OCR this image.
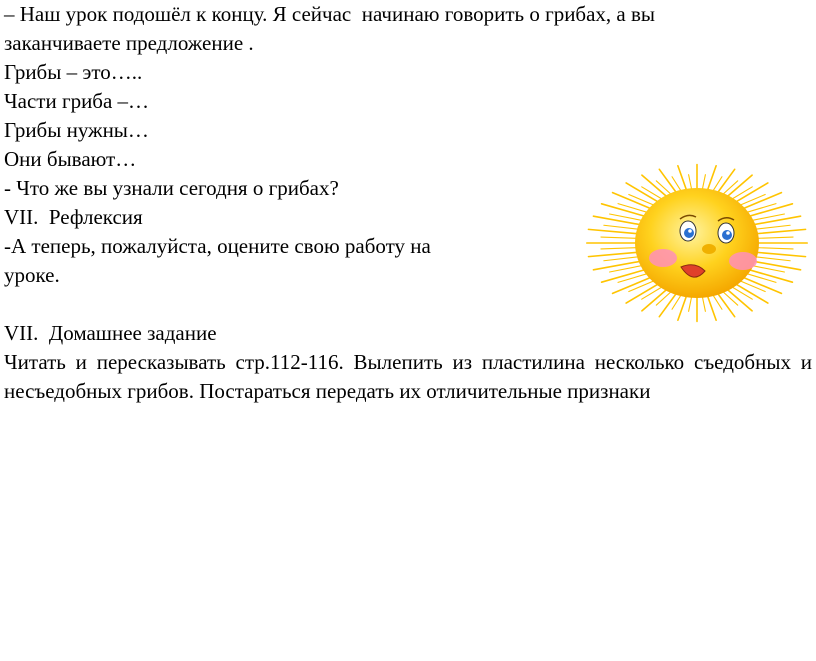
– Наш урок подошёл к концу. Я сейчас  начинаю говорить о грибах, а вы
заканчиваете предложение .
Грибы – это…..
Части гриба –…
Грибы нужны…
Они бывают…
- Что же вы узнали сегодня о грибах?
VII.  Рефлексия
-А теперь, пожалуйста, оцените свою работу на
уроке.
VII.  Домашнее задание
Читать и пересказывать стр.112-116. Вылепить из пластилина несколько съедобных и несъедобных грибов. Постараться передать их отличительные признаки
